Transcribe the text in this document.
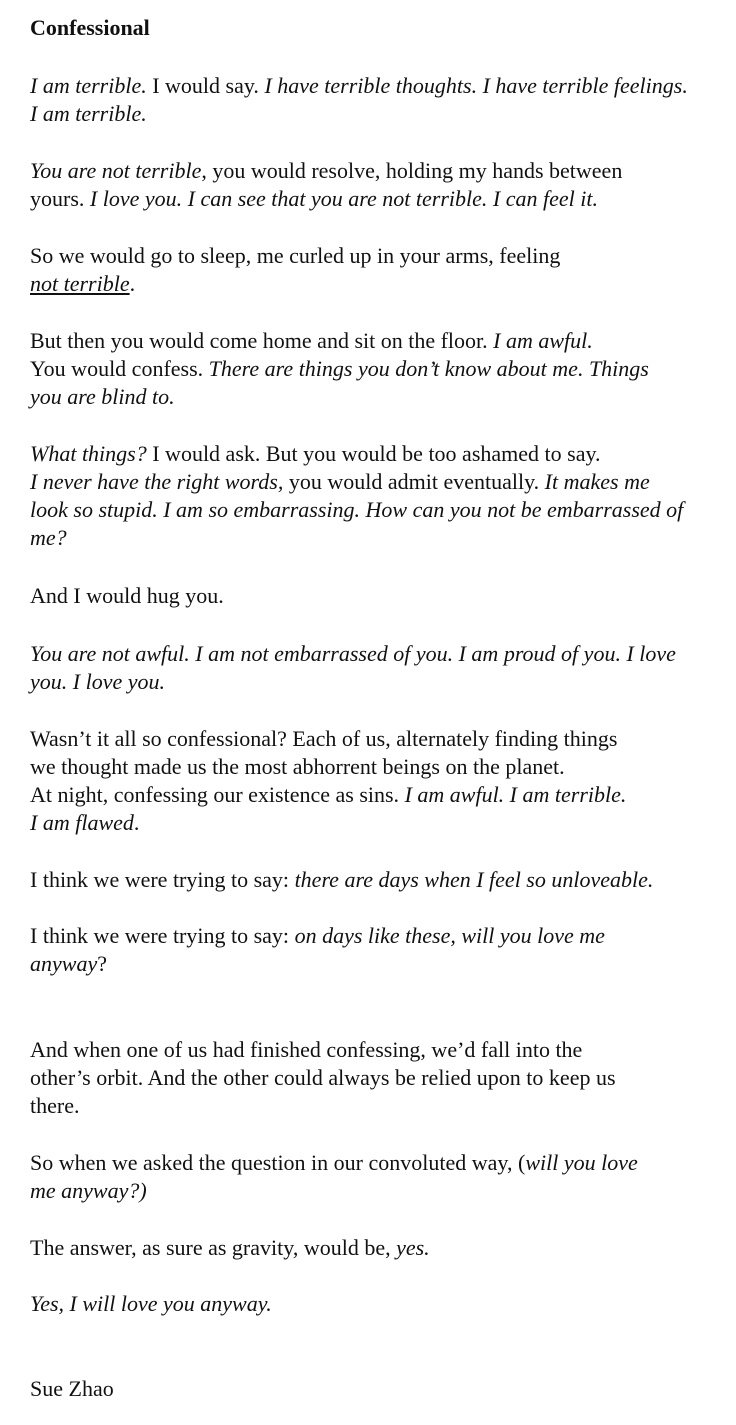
Confessional
I am terrible. I would say. I have terrible thoughts. I have terrible feelings.
I am terrible.
You are not terrible, you would resolve, holding my hands between
yours. I love you. I can see that you are not terrible. I can feel it.
So we would go to sleep, me curled up in your arms, feeling
not terrible.
But then you would come home and sit on the floor. I am awful.
You would confess. There are things you don’t know about me. Things
you are blind to.
What things? I would ask. But you would be too ashamed to say.
I never have the right words, you would admit eventually. It makes me
look so stupid. I am so embarrassing. How can you not be embarrassed of
me?
And I would hug you.
You are not awful. I am not embarrassed of you. I am proud of you. I love
you. I love you.
Wasn’t it all so confessional? Each of us, alternately finding things
we thought made us the most abhorrent beings on the planet.
At night, confessing our existence as sins. I am awful. I am terrible.
I am flawed.
I think we were trying to say: there are days when I feel so unloveable.
I think we were trying to say: on days like these, will you love me
anyway?
And when one of us had finished confessing, we’d fall into the
other’s orbit. And the other could always be relied upon to keep us
there.
So when we asked the question in our convoluted way, (will you love
me anyway?)
The answer, as sure as gravity, would be, yes.
Yes, I will love you anyway.
Sue Zhao
